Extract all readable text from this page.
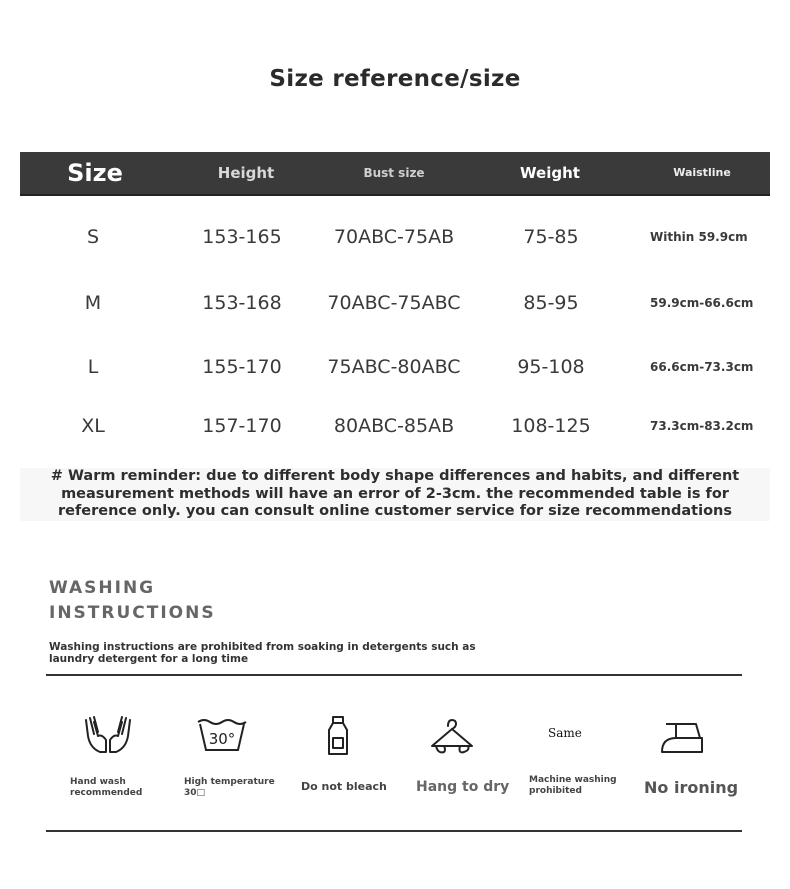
Size reference/size
Size	Height	Bust size	Weight	Waistline
S	153-165	70ABC-75AB	75-85	Within 59.9cm
M	153-168	70ABC-75ABC	85-95	59.9cm-66.6cm
L	155-170	75ABC-80ABC	95-108	66.6cm-73.3cm
XL	157-170	80ABC-85AB	108-125	73.3cm-83.2cm
# Warm reminder: due to different body shape differences and habits, and different
measurement methods will have an error of 2-3cm. the recommended table is for
reference only. you can consult online customer service for size recommendations
WASHING
INSTRUCTIONS
Washing instructions are prohibited from soaking in detergents such as laundry detergent for a long time
Hand wash
recommended
30°
High temperature
30□	Do not bleach Hang to dry
Same
Machine washing
prohibited	No ironing
